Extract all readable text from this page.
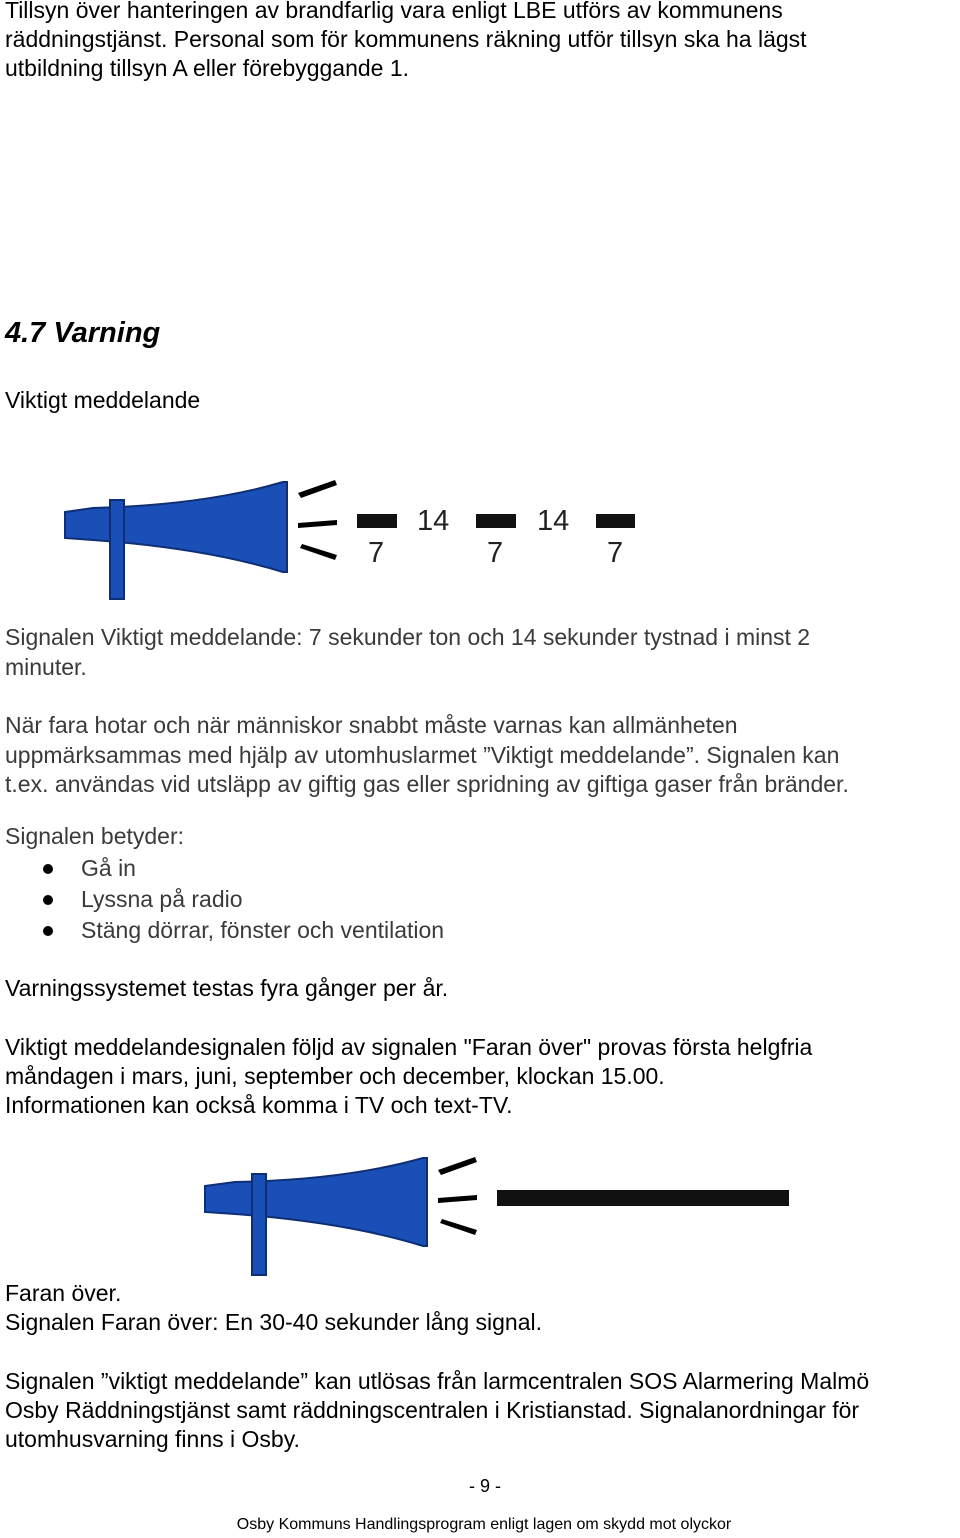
Tillsyn över hanteringen av brandfarlig vara enligt LBE utförs av kommunens

räddningstjänst. Personal som för kommunens räkning utför tillsyn ska ha lägst

utbildning tillsyn A eller förebyggande 1.

4.7 Varning

Viktigt meddelande

14	14
7	7	7

Signalen Viktigt meddelande: 7 sekunder ton och 14 sekunder tystnad i minst 2

minuter.

När fara hotar och när människor snabbt måste varnas kan allmänheten

uppmärksammas med hjälp av utomhuslarmet ”Viktigt meddelande”. Signalen kan

t.ex. användas vid utsläpp av giftig gas eller spridning av giftiga gaser från bränder.

Signalen betyder:

Gå in
Lyssna på radio
Stäng dörrar, fönster och ventilation

Varningssystemet testas fyra gånger per år.

Viktigt meddelandesignalen följd av signalen "Faran över" provas första helgfria

måndagen i mars, juni, september och december, klockan 15.00.

Informationen kan också komma i TV och text-TV.

Faran över.

Signalen Faran över: En 30-40 sekunder lång signal.

Signalen ”viktigt meddelande” kan utlösas från larmcentralen SOS Alarmering Malmö

Osby Räddningstjänst samt räddningscentralen i Kristianstad. Signalanordningar för

utomhusvarning finns i Osby.

- 9 -
Osby Kommuns Handlingsprogram enligt lagen om skydd mot olyckor
